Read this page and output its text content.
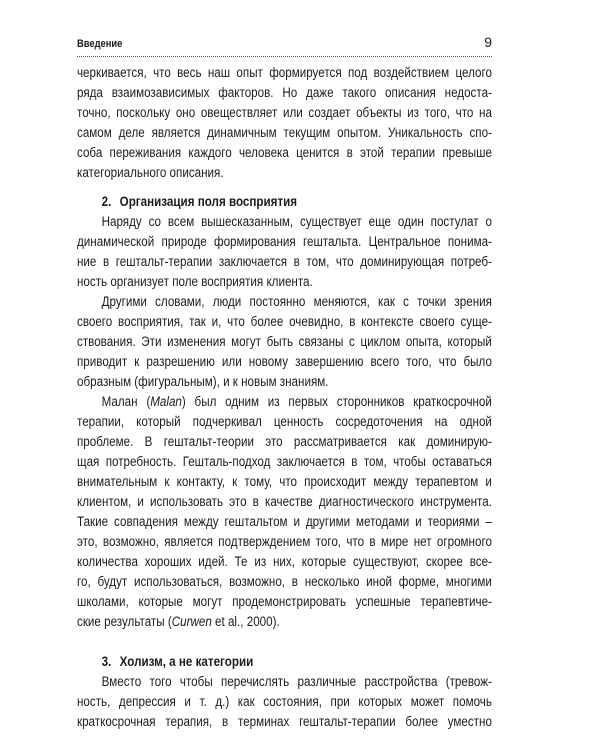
Введение	9
черкивается, что весь наш опыт формируется под воздействием целого
ряда взаимозависимых факторов. Но даже такого описания недоста-
точно, поскольку оно овеществляет или создает объекты из того, что на
самом деле является динамичным текущим опытом. Уникальность спо-
соба переживания каждого человека ценится в этой терапии превыше
категориального описания.
2. Организация поля восприятия
Наряду со всем вышесказанным, существует еще один постулат о
динамической природе формирования гештальта. Центральное понима-
ние в гештальт-терапии заключается в том, что доминирующая потреб-
ность организует поле восприятия клиента.
Другими словами, люди постоянно меняются, как с точки зрения
своего восприятия, так и, что более очевидно, в контексте своего суще-
ствования. Эти изменения могут быть связаны с циклом опыта, который
приводит к разрешению или новому завершению всего того, что было
образным (фигуральным), и к новым знаниям.
Малан (Malan) был одним из первых сторонников краткосрочной
терапии, который подчеркивал ценность сосредоточения на одной
проблеме. В гештальт-теории это рассматривается как доминирую-
щая потребность. Гешталь-подход заключается в том, чтобы оставаться
внимательным к контакту, к тому, что происходит между терапевтом и
клиентом, и использовать это в качестве диагностического инструмента.
Такие совпадения между гештальтом и другими методами и теориями –
это, возможно, является подтверждением того, что в мире нет огромного
количества хороших идей. Те из них, которые существуют, скорее все-
го, будут использоваться, возможно, в несколько иной форме, многими
школами, которые могут продемонстрировать успешные терапевтиче-
ские результаты (Curwen et al., 2000).
3. Холизм, а не категории
Вместо того чтобы перечислять различные расстройства (тревож-
ность, депрессия и т. д.) как состояния, при которых может помочь
краткосрочная терапия, в терминах гештальт-терапии более уместно
